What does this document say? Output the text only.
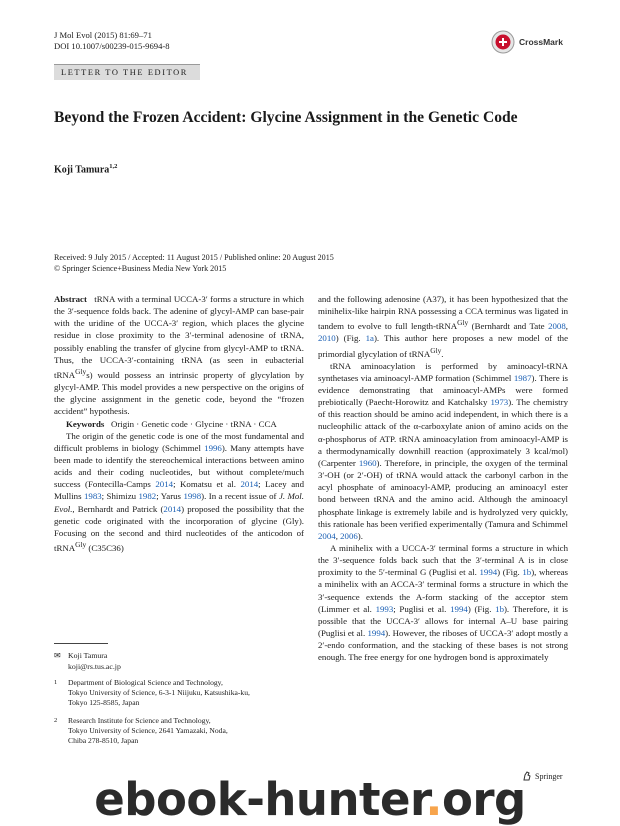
J Mol Evol (2015) 81:69–71
DOI 10.1007/s00239-015-9694-8	CrossMark
LETTER TO THE EDITOR
Beyond the Frozen Accident: Glycine Assignment in the Genetic Code
Koji Tamura$^{1,2}$
Received: 9 July 2015 / Accepted: 11 August 2015 / Published online: 20 August 2015
© Springer Science+Business Media New York 2015

Abstract tRNA with a terminal UCCA-3′ forms a structure in which the 3′-sequence folds back. The adenine of glycyl-AMP can base-pair with the uridine of the UCCA-3′ region, which places the glycine residue in close proximity to the 3′-terminal adenosine of tRNA, possibly enabling the transfer of glycine from glycyl-AMP to tRNA. Thus, the UCCA-3′-containing tRNA (as seen in eubacterial tRNA$^{Gly}$s) would possess an intrinsic property of glycylation by glycyl-AMP. This model provides a new perspective on the origins of the glycine assignment in the genetic code, beyond the “frozen accident” hypothesis.

Keywords Origin · Genetic code · Glycine · tRNA · CCA

The origin of the genetic code is one of the most fundamental and difficult problems in biology (Schimmel 1996). Many attempts have been made to identify the stereochemical interactions between amino acids and their coding nucleotides, but without complete/much success (Fontecilla-Camps 2014; Komatsu et al. 2014; Lacey and Mullins 1983; Shimizu 1982; Yarus 1998). In a recent issue of J. Mol. Evol., Bernhardt and Patrick (2014) proposed the possibility that the genetic code originated with the incorporation of glycine (Gly). Focusing on the second and third nucleotides of the anticodon of tRNA$^{Gly}$ (C35C36)

and the following adenosine (A37), it has been hypothesized that the minihelix-like hairpin RNA possessing a CCA terminus was ligated in tandem to evolve to full length-tRNA$^{Gly}$ (Bernhardt and Tate 2008, 2010) (Fig. 1a). This author here proposes a new model of the primordial glycylation of tRNA$^{Gly}$.

tRNA aminoacylation is performed by aminoacyl-tRNA synthetases via aminoacyl-AMP formation (Schimmel 1987). There is evidence demonstrating that aminoacyl-AMPs were formed prebiotically (Paecht-Horowitz and Katchalsky 1973). The chemistry of this reaction should be amino acid independent, in which there is a nucleophilic attack of the α-carboxylate anion of amino acids on the α-phosphorus of ATP. tRNA aminoacylation from aminoacyl-AMP is a thermodynamically downhill reaction (approximately 3 kcal/mol) (Carpenter 1960). Therefore, in principle, the oxygen of the terminal 3′-OH (or 2′-OH) of tRNA would attack the carbonyl carbon in the acyl phosphate of aminoacyl-AMP, producing an aminoacyl ester bond between tRNA and the amino acid. Although the aminoacyl phosphate linkage is extremely labile and is hydrolyzed very quickly, this rationale has been verified experimentally (Tamura and Schimmel 2004, 2006).

A minihelix with a UCCA-3′ terminal forms a structure in which the 3′-sequence folds back such that the 3′-terminal A is in close proximity to the 5′-terminal G (Puglisi et al. 1994) (Fig. 1b), whereas a minihelix with an ACCA-3′ terminal forms a structure in which the 3′-sequence extends the A-form stacking of the acceptor stem (Limmer et al. 1993; Puglisi et al. 1994) (Fig. 1b). Therefore, it is possible that the UCCA-3′ allows for internal A–U base pairing (Puglisi et al. 1994). However, the riboses of UCCA-3′ adopt mostly a 2′-endo conformation, and the stacking of these bases is not strong enough. The free energy for one hydrogen bond is approximately

✉ Koji Tamura
koji@rs.tus.ac.jp
1	Department of Biological Science and Technology,
Tokyo University of Science, 6-3-1 Niijuku, Katsushika-ku,
Tokyo 125-8585, Japan
2	Research Institute for Science and Technology,
Tokyo University of Science, 2641 Yamazaki, Noda,
Chiba 278-8510, Japan
Springer
ebook-hunter.org
